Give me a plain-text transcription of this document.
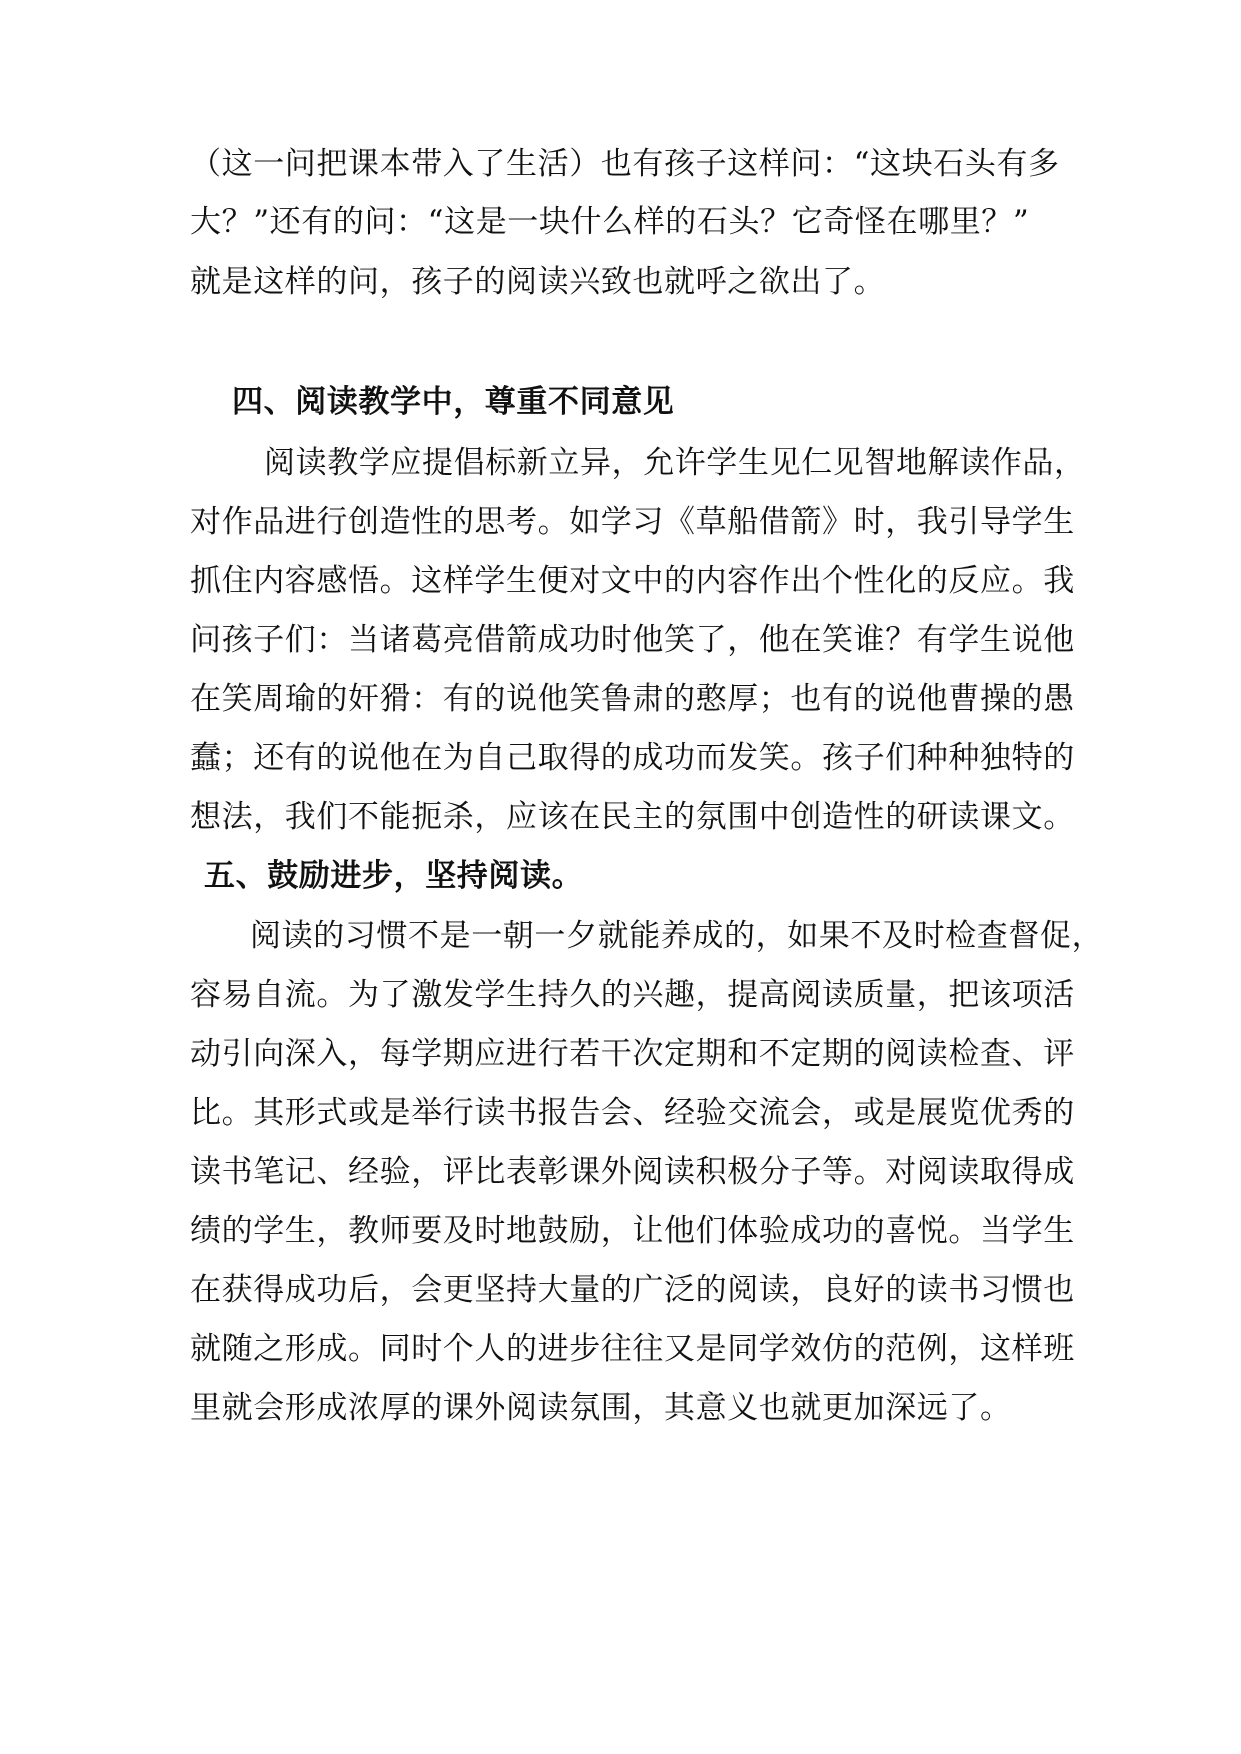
（这一问把课本带入了生活）也有孩子这样问：“这块石头有多
大？”还有的问：“这是一块什么样的石头？它奇怪在哪里？”
就是这样的问，孩子的阅读兴致也就呼之欲出了。
四、阅读教学中，尊重不同意见
阅读教学应提倡标新立异，允许学生见仁见智地解读作品，
对作品进行创造性的思考。如学习《草船借箭》时，我引导学生
抓住内容感悟。这样学生便对文中的内容作出个性化的反应。我
问孩子们：当诸葛亮借箭成功时他笑了，他在笑谁？有学生说他
在笑周瑜的奸猾：有的说他笑鲁肃的憨厚；也有的说他曹操的愚
蠢；还有的说他在为自己取得的成功而发笑。孩子们种种独特的
想法，我们不能扼杀，应该在民主的氛围中创造性的研读课文。
五、鼓励进步，坚持阅读。
阅读的习惯不是一朝一夕就能养成的，如果不及时检查督促，
容易自流。为了激发学生持久的兴趣，提高阅读质量，把该项活
动引向深入，每学期应进行若干次定期和不定期的阅读检查、评
比。其形式或是举行读书报告会、经验交流会，或是展览优秀的
读书笔记、经验，评比表彰课外阅读积极分子等。对阅读取得成
绩的学生，教师要及时地鼓励，让他们体验成功的喜悦。当学生
在获得成功后，会更坚持大量的广泛的阅读，良好的读书习惯也
就随之形成。同时个人的进步往往又是同学效仿的范例，这样班
里就会形成浓厚的课外阅读氛围，其意义也就更加深远了。
